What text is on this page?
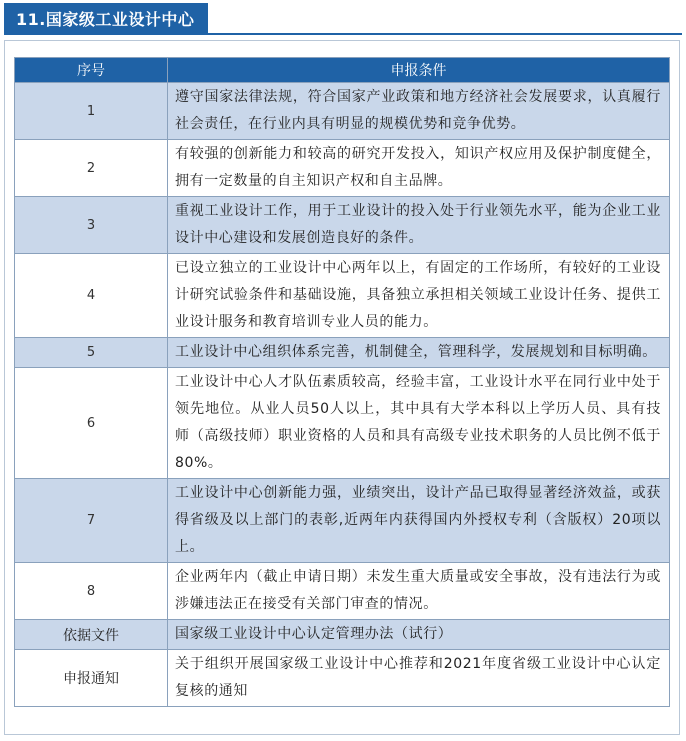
11.国家级工业设计中心
序号	申报条件
1	遵守国家法律法规，符合国家产业政策和地方经济社会发展要求，认真履行社会责任，在行业内具有明显的规模优势和竞争优势。
2	有较强的创新能力和较高的研究开发投入，知识产权应用及保护制度健全，拥有一定数量的自主知识产权和自主品牌。
3	重视工业设计工作，用于工业设计的投入处于行业领先水平，能为企业工业设计中心建设和发展创造良好的条件。
4	已设立独立的工业设计中心两年以上，有固定的工作场所，有较好的工业设计研究试验条件和基础设施，具备独立承担相关领域工业设计任务、提供工业设计服务和教育培训专业人员的能力。
5	工业设计中心组织体系完善，机制健全，管理科学，发展规划和目标明确。
6	工业设计中心人才队伍素质较高，经验丰富，工业设计水平在同行业中处于领先地位。从业人员50人以上，其中具有大学本科以上学历人员、具有技师（高级技师）职业资格的人员和具有高级专业技术职务的人员比例不低于80%。
7	工业设计中心创新能力强，业绩突出，设计产品已取得显著经济效益，或获得省级及以上部门的表彰,近两年内获得国内外授权专利（含版权）20项以上。
8	企业两年内（截止申请日期）未发生重大质量或安全事故，没有违法行为或涉嫌违法正在接受有关部门审查的情况。
依据文件	国家级工业设计中心认定管理办法（试行）
申报通知	关于组织开展国家级工业设计中心推荐和2021年度省级工业设计中心认定复核的通知
